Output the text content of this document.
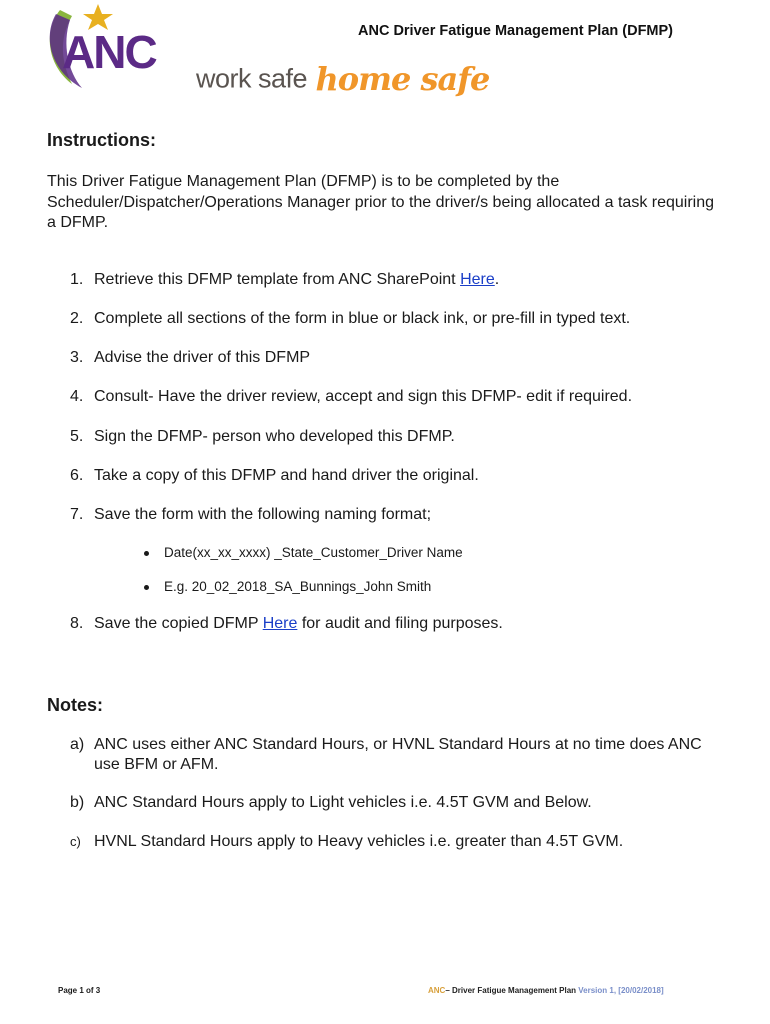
ANC
work safe home safe
ANC Driver Fatigue Management Plan (DFMP)
Instructions:
This Driver Fatigue Management Plan (DFMP) is to be completed by the Scheduler/Dispatcher/Operations Manager prior to the driver/s being allocated a task requiring a DFMP.
1. Retrieve this DFMP template from ANC SharePoint Here.
2. Complete all sections of the form in blue or black ink, or pre-fill in typed text.
3. Advise the driver of this DFMP
4. Consult- Have the driver review, accept and sign this DFMP- edit if required.
5. Sign the DFMP- person who developed this DFMP.
6. Take a copy of this DFMP and hand driver the original.
7. Save the form with the following naming format;
Date(xx_xx_xxxx) _State_Customer_Driver Name
E.g. 20_02_2018_SA_Bunnings_John Smith
8. Save the copied DFMP Here for audit and filing purposes.
Notes:
a) ANC uses either ANC Standard Hours, or HVNL Standard Hours at no time does ANC use BFM or AFM.
b) ANC Standard Hours apply to Light vehicles i.e. 4.5T GVM and Below.
c) HVNL Standard Hours apply to Heavy vehicles i.e. greater than 4.5T GVM.
Page 1 of 3	ANC– Driver Fatigue Management Plan Version 1, [20/02/2018]
